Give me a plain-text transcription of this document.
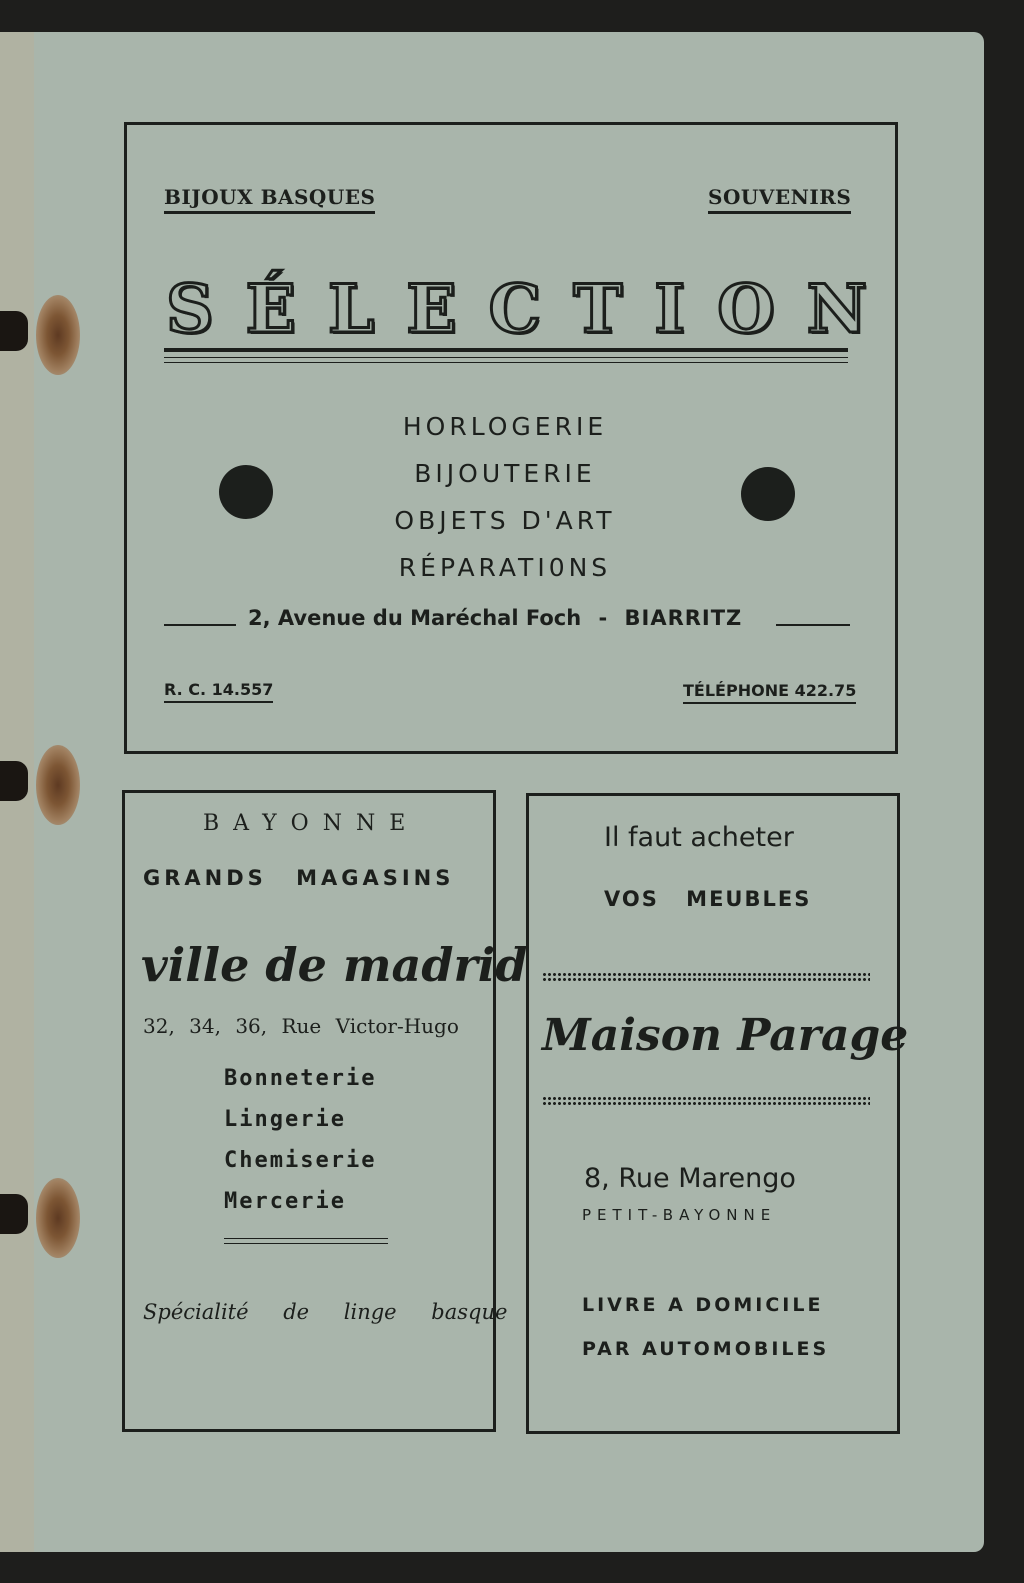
BIJOUX BASQUES	SOUVENIRS
SÉLECTION
HORLOGERIE
BIJOUTERIE
OBJETS D'ART
RÉPARATI0NS
2, Avenue du Maréchal Foch - BIARRITZ
R. C. 14.557	TÉLÉPHONE 422.75
BAYONNE
GRANDS MAGASINS
ville de madrid
32, 34, 36, Rue Victor-Hugo
Bonneterie
Lingerie
Chemiserie
Mercerie
Spécialité de linge basque
Il faut acheter
VOS MEUBLES
Maison Parage
8, Rue Marengo
PETIT-BAYONNE
LIVRE A DOMICILE
PAR AUTOMOBILES
